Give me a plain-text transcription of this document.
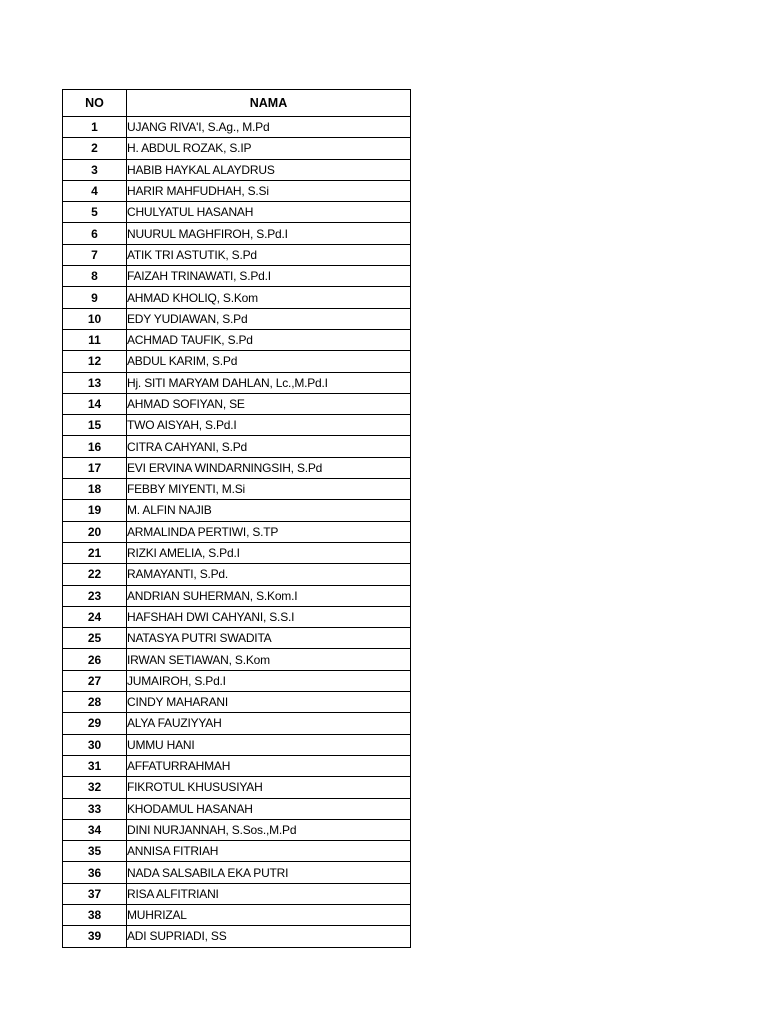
NO	NAMA
1	UJANG RIVA'I, S.Ag., M.Pd
2	H. ABDUL ROZAK, S.IP
3	HABIB HAYKAL ALAYDRUS
4	HARIR MAHFUDHAH, S.Si
5	CHULYATUL HASANAH
6	NUURUL MAGHFIROH, S.Pd.I
7	ATIK TRI ASTUTIK, S.Pd
8	FAIZAH TRINAWATI, S.Pd.I
9	AHMAD KHOLIQ, S.Kom
10	EDY YUDIAWAN, S.Pd
11	ACHMAD TAUFIK, S.Pd
12	ABDUL KARIM, S.Pd
13	Hj. SITI MARYAM DAHLAN, Lc.,M.Pd.I
14	AHMAD SOFIYAN, SE
15	TWO AISYAH, S.Pd.I
16	CITRA CAHYANI, S.Pd
17	EVI ERVINA WINDARNINGSIH, S.Pd
18	FEBBY MIYENTI, M.Si
19	M. ALFIN NAJIB
20	ARMALINDA PERTIWI, S.TP
21	RIZKI AMELIA, S.Pd.I
22	RAMAYANTI, S.Pd.
23	ANDRIAN SUHERMAN, S.Kom.I
24	HAFSHAH DWI CAHYANI, S.S.I
25	NATASYA PUTRI SWADITA
26	IRWAN SETIAWAN, S.Kom
27	JUMAIROH, S.Pd.I
28	CINDY MAHARANI
29	ALYA FAUZIYYAH
30	UMMU HANI
31	AFFATURRAHMAH
32	FIKROTUL KHUSUSIYAH
33	KHODAMUL HASANAH
34	DINI NURJANNAH, S.Sos.,M.Pd
35	ANNISA FITRIAH
36	NADA SALSABILA EKA PUTRI
37	RISA ALFITRIANI
38	MUHRIZAL
39	ADI SUPRIADI, SS
